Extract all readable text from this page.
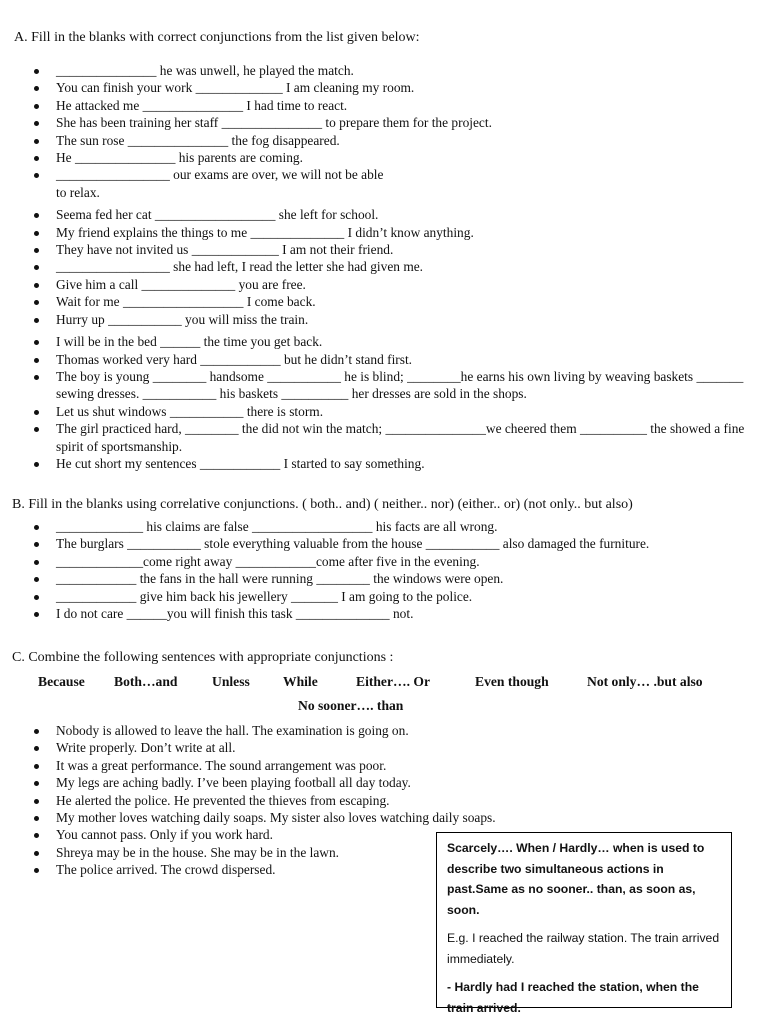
A. Fill in the blanks with correct conjunctions from the list given below:
_______________ he was unwell, he played the match.
You can finish your work _____________ I am cleaning my room.
He attacked me _______________ I had time to react.
She has been training her staff _______________ to prepare them for the project.
The sun rose _______________ the fog disappeared.
He _______________ his parents are coming.
_________________ our exams are over, we will not be able to relax.
Seema fed her cat __________________ she left for school.
My friend explains the things to me ______________ I didn’t know anything.
They have not invited us _____________ I am not their friend.
_________________ she had left, I read the letter she had given me.
Give him a call ______________ you are free.
Wait for me __________________ I come back.
Hurry up ___________ you will miss the train.
I will be in the bed ______ the time you get back.
Thomas worked very hard ____________ but he didn’t stand first.
The boy is young ________ handsome ___________ he is blind; ________he earns his own living by weaving baskets _______ sewing dresses. ___________ his baskets __________ her dresses are sold in the shops.
Let us shut windows ___________ there is storm.
The girl practiced hard, ________ the did not win the match; _______________we cheered them __________ the showed a fine spirit of sportsmanship.
He cut short my sentences ____________ I started to say something.
B. Fill in the blanks using correlative conjunctions. ( both.. and) ( neither.. nor) (either.. or) (not only.. but also)
_____________ his claims are false __________________ his facts are all wrong.
The burglars ___________ stole everything valuable from the house ___________ also damaged the furniture.
_____________come right away ____________come after five in the evening.
____________ the fans in the hall were running ________ the windows were open.
____________ give him back his jewellery _______ I am going to the police.
I do not care ______you will finish this task ______________ not.
C. Combine the following sentences with appropriate conjunctions :
Because Both…and	Unless While	Either…. Or	Even though	Not only… .but also
No sooner…. than
Nobody is allowed to leave the hall. The examination is going on.
Write properly. Don’t write at all.
It was a great performance. The sound arrangement was poor.
My legs are aching badly. I’ve been playing football all day today.
He alerted the police. He prevented the thieves from escaping.
My mother loves watching daily soaps. My sister also loves watching daily soaps.
You cannot pass. Only if you work hard.
Shreya may be in the house. She may be in the lawn.
The police arrived. The crowd dispersed.

Scarcely…. When / Hardly… when is used to describe two simultaneous actions in past.Same as no sooner.. than, as soon as, soon.

E.g. I reached the railway station. The train arrived immediately.

- Hardly had I reached the station, when the train arrived.
